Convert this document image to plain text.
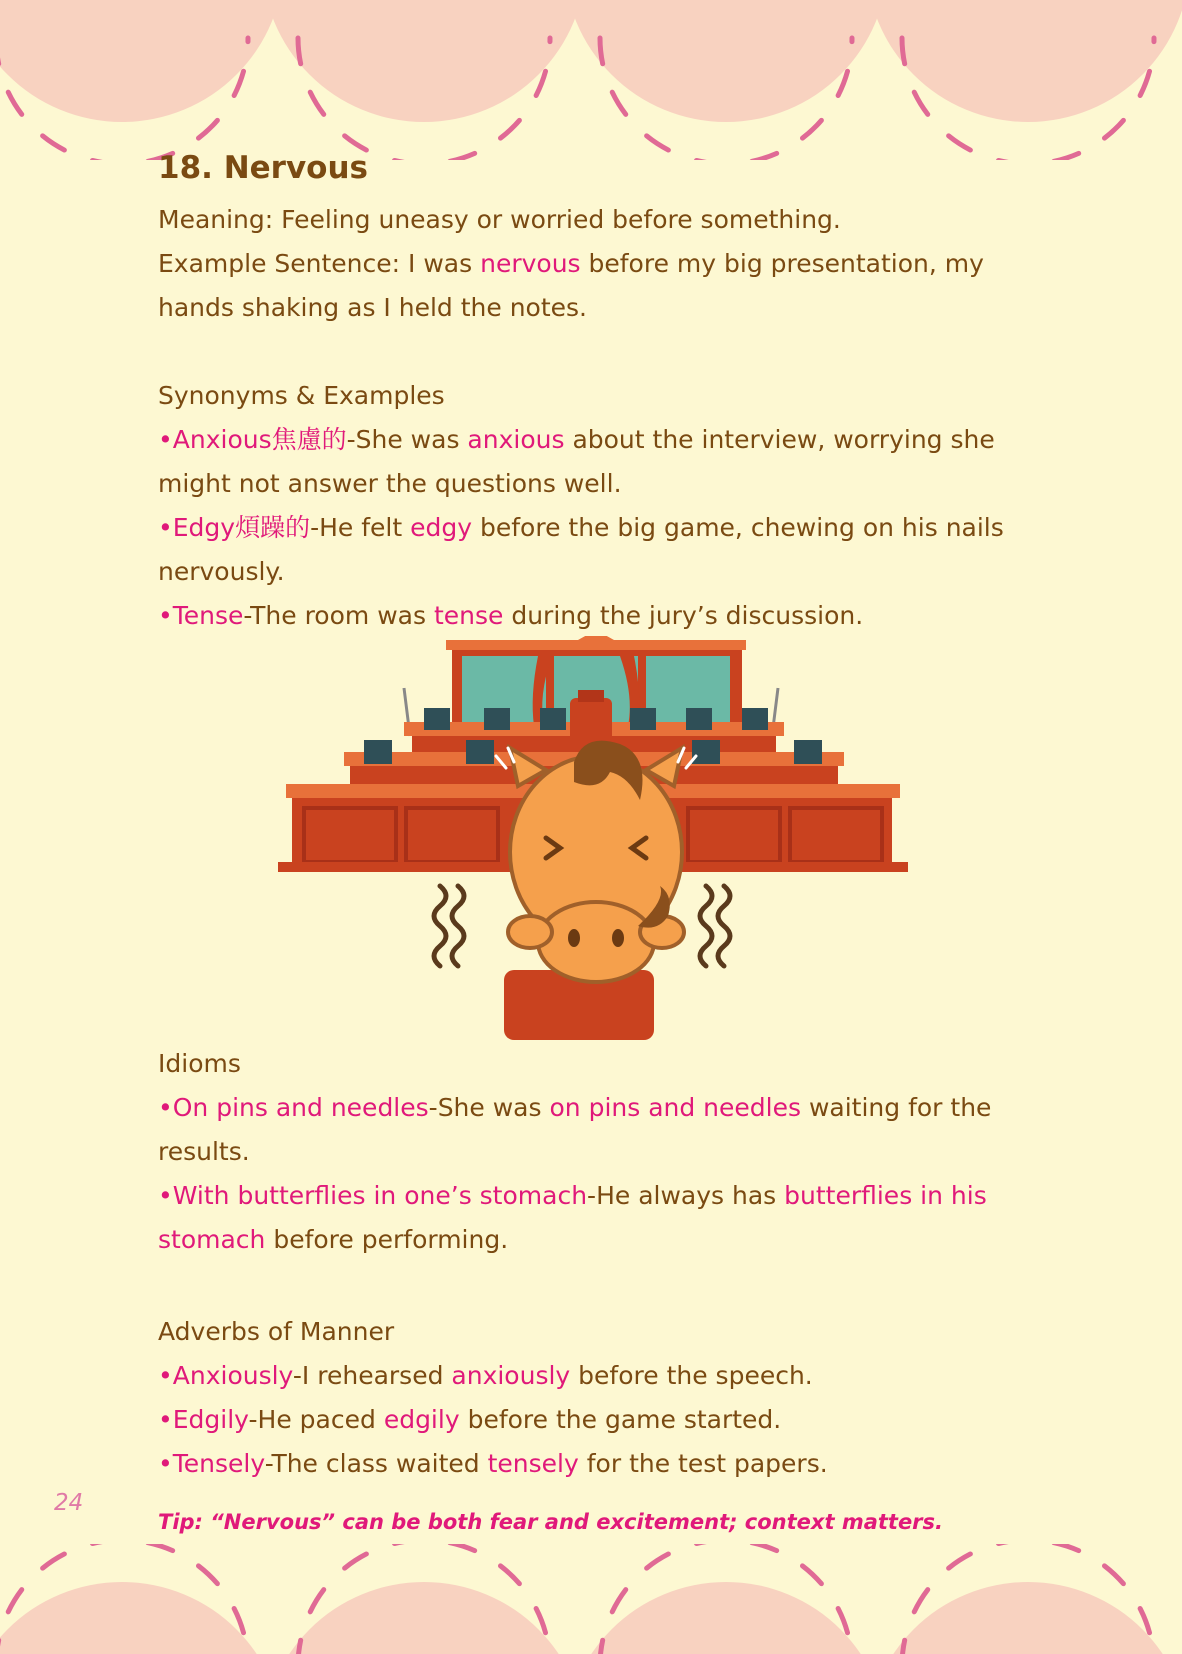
18. Nervous

Meaning: Feeling uneasy or worried before something.

Example Sentence: I was nervous before my big presentation, my

hands shaking as I held the notes.

Synonyms & Examples

•Anxious焦慮的-She was anxious about the interview, worrying she

might not answer the questions well.

•Edgy煩躁的-He felt edgy before the big game, chewing on his nails

nervously.

•Tense-The room was tense during the jury’s discussion.

Idioms

•On pins and needles-She was on pins and needles waiting for the

results.

•With butterflies in one’s stomach-He always has butterflies in his

stomach before performing.

Adverbs of Manner

•Anxiously-I rehearsed anxiously before the speech.

•Edgily-He paced edgily before the game started.

•Tensely-The class waited tensely for the test papers.

24
Tip: “Nervous” can be both fear and excitement; context matters.
